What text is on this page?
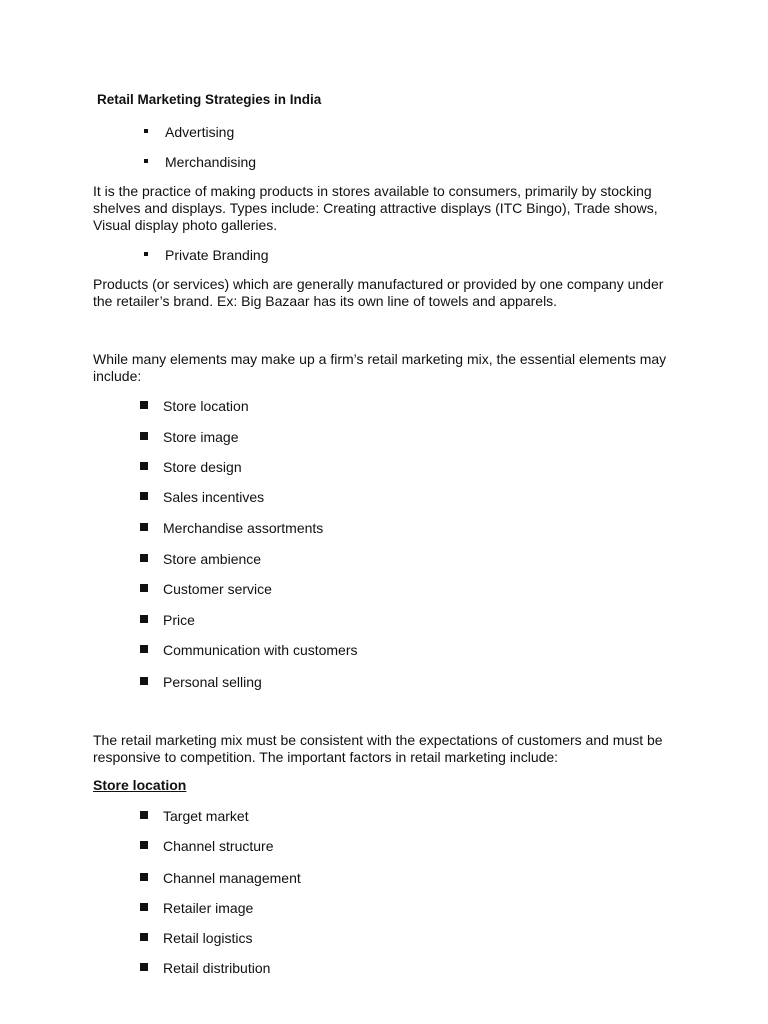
Retail Marketing Strategies in India
Advertising
Merchandising
It is the practice of making products in stores available to consumers, primarily by stocking
shelves and displays. Types include: Creating attractive displays (ITC Bingo), Trade shows,
Visual display photo galleries.
Private Branding
Products (or services) which are generally manufactured or provided by one company under
the retailer’s brand. Ex: Big Bazaar has its own line of towels and apparels.
While many elements may make up a firm’s retail marketing mix, the essential elements may
include:
Store location
Store image
Store design
Sales incentives
Merchandise assortments
Store ambience
Customer service
Price
Communication with customers
Personal selling
The retail marketing mix must be consistent with the expectations of customers and must be
responsive to competition. The important factors in retail marketing include:
Store location
Target market
Channel structure
Channel management
Retailer image
Retail logistics
Retail distribution
